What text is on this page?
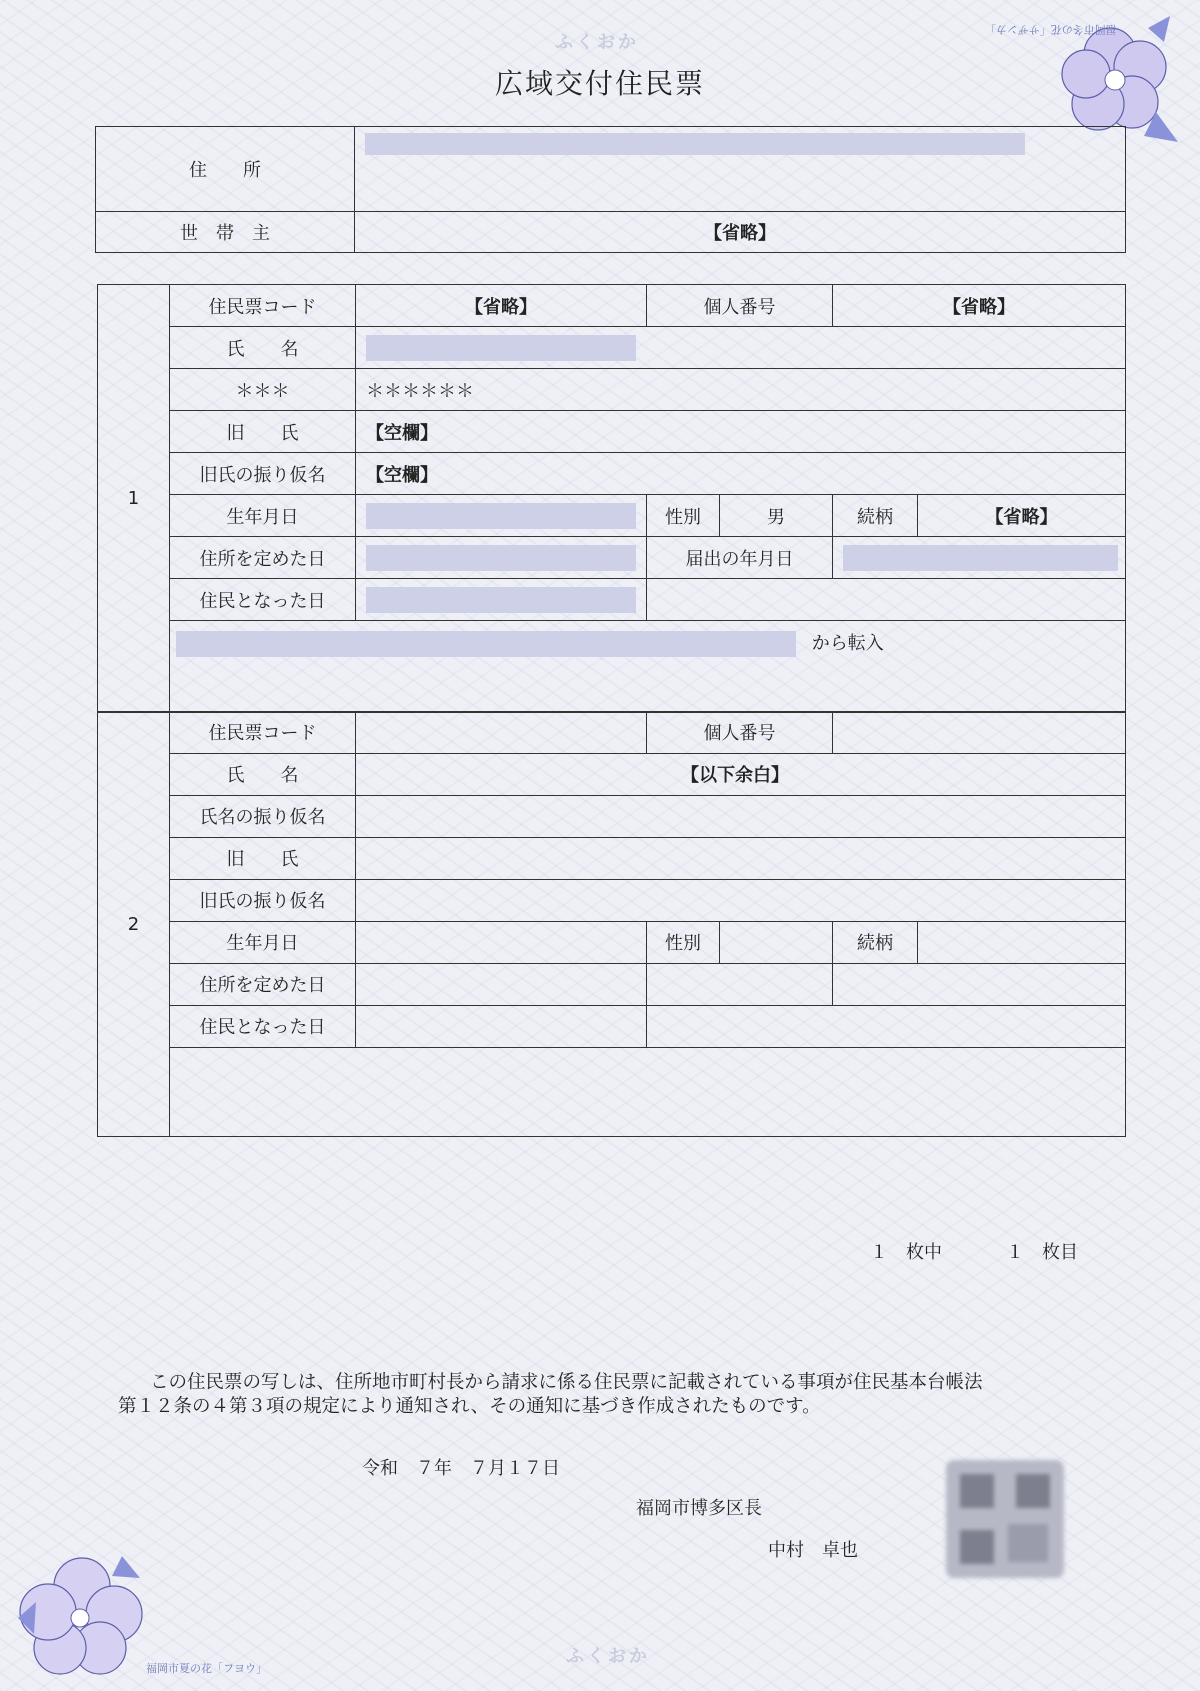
ふくおか
福岡市冬の花「サザンカ」
広域交付住民票
住　　所	
世　帯　主	【省略】
1	住民票コード	【省略】	個人番号		【省略】	
	氏　　名					
	＊＊＊	＊＊＊＊＊＊				
	旧　　氏	【空欄】				
	旧氏の振り仮名	【空欄】				
	生年月日		性別	男	続柄	【省略】
	住所を定めた日		届出の年月日			
	住民となった日					
	から転入					
2	住民票コード		個人番号			
	氏　　名	【以下余白】				
	氏名の振り仮名					
	旧　　氏					
	旧氏の振り仮名					
	生年月日		性別		続柄	
	住所を定めた日					
	住民となった日					

１　枚中	１　枚目
この住民票の写しは、住所地市町村長から請求に係る住民票に記載されている事項が住民基本台帳法
第１２条の４第３項の規定により通知され、その通知に基づき作成されたものです。
令和　７年　７月１７日
福岡市博多区長
中村　卓也
福岡市夏の花「フヨウ」
ふくおか
